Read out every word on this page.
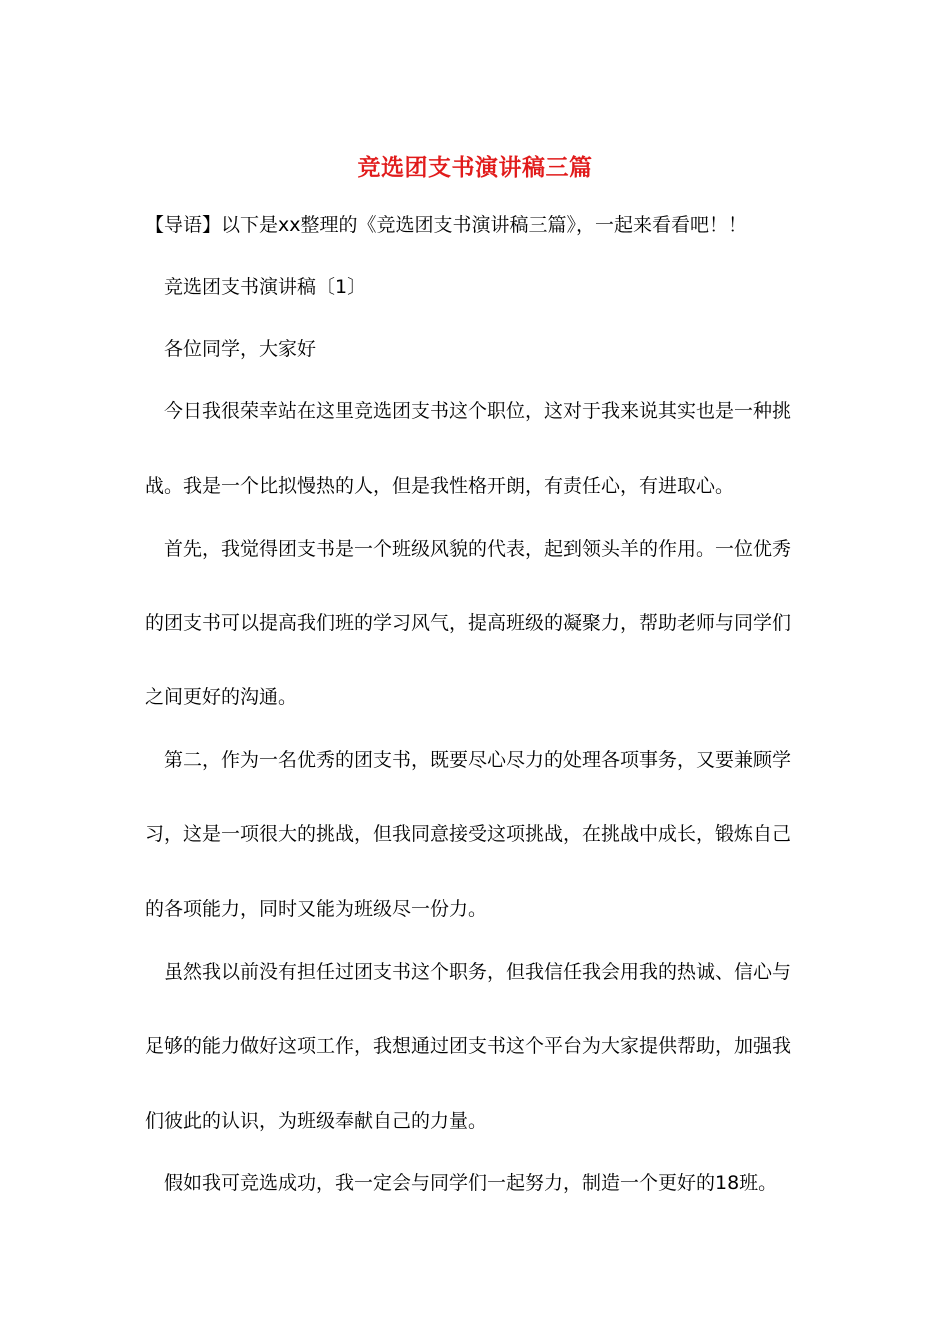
竞选团支书演讲稿三篇
【导语】以下是xx整理的《竞选团支书演讲稿三篇》，一起来看看吧！！
竞选团支书演讲稿〔1〕
各位同学，大家好
今日我很荣幸站在这里竞选团支书这个职位，这对于我来说其实也是一种挑
战。我是一个比拟慢热的人，但是我性格开朗，有责任心，有进取心。
首先，我觉得团支书是一个班级风貌的代表，起到领头羊的作用。一位优秀
的团支书可以提高我们班的学习风气，提高班级的凝聚力，帮助老师与同学们
之间更好的沟通。
第二，作为一名优秀的团支书，既要尽心尽力的处理各项事务，又要兼顾学
习，这是一项很大的挑战，但我同意接受这项挑战，在挑战中成长，锻炼自己
的各项能力，同时又能为班级尽一份力。
虽然我以前没有担任过团支书这个职务，但我信任我会用我的热诚、信心与
足够的能力做好这项工作，我想通过团支书这个平台为大家提供帮助，加强我
们彼此的认识，为班级奉献自己的力量。
假如我可竞选成功，我一定会与同学们一起努力，制造一个更好的18班。
